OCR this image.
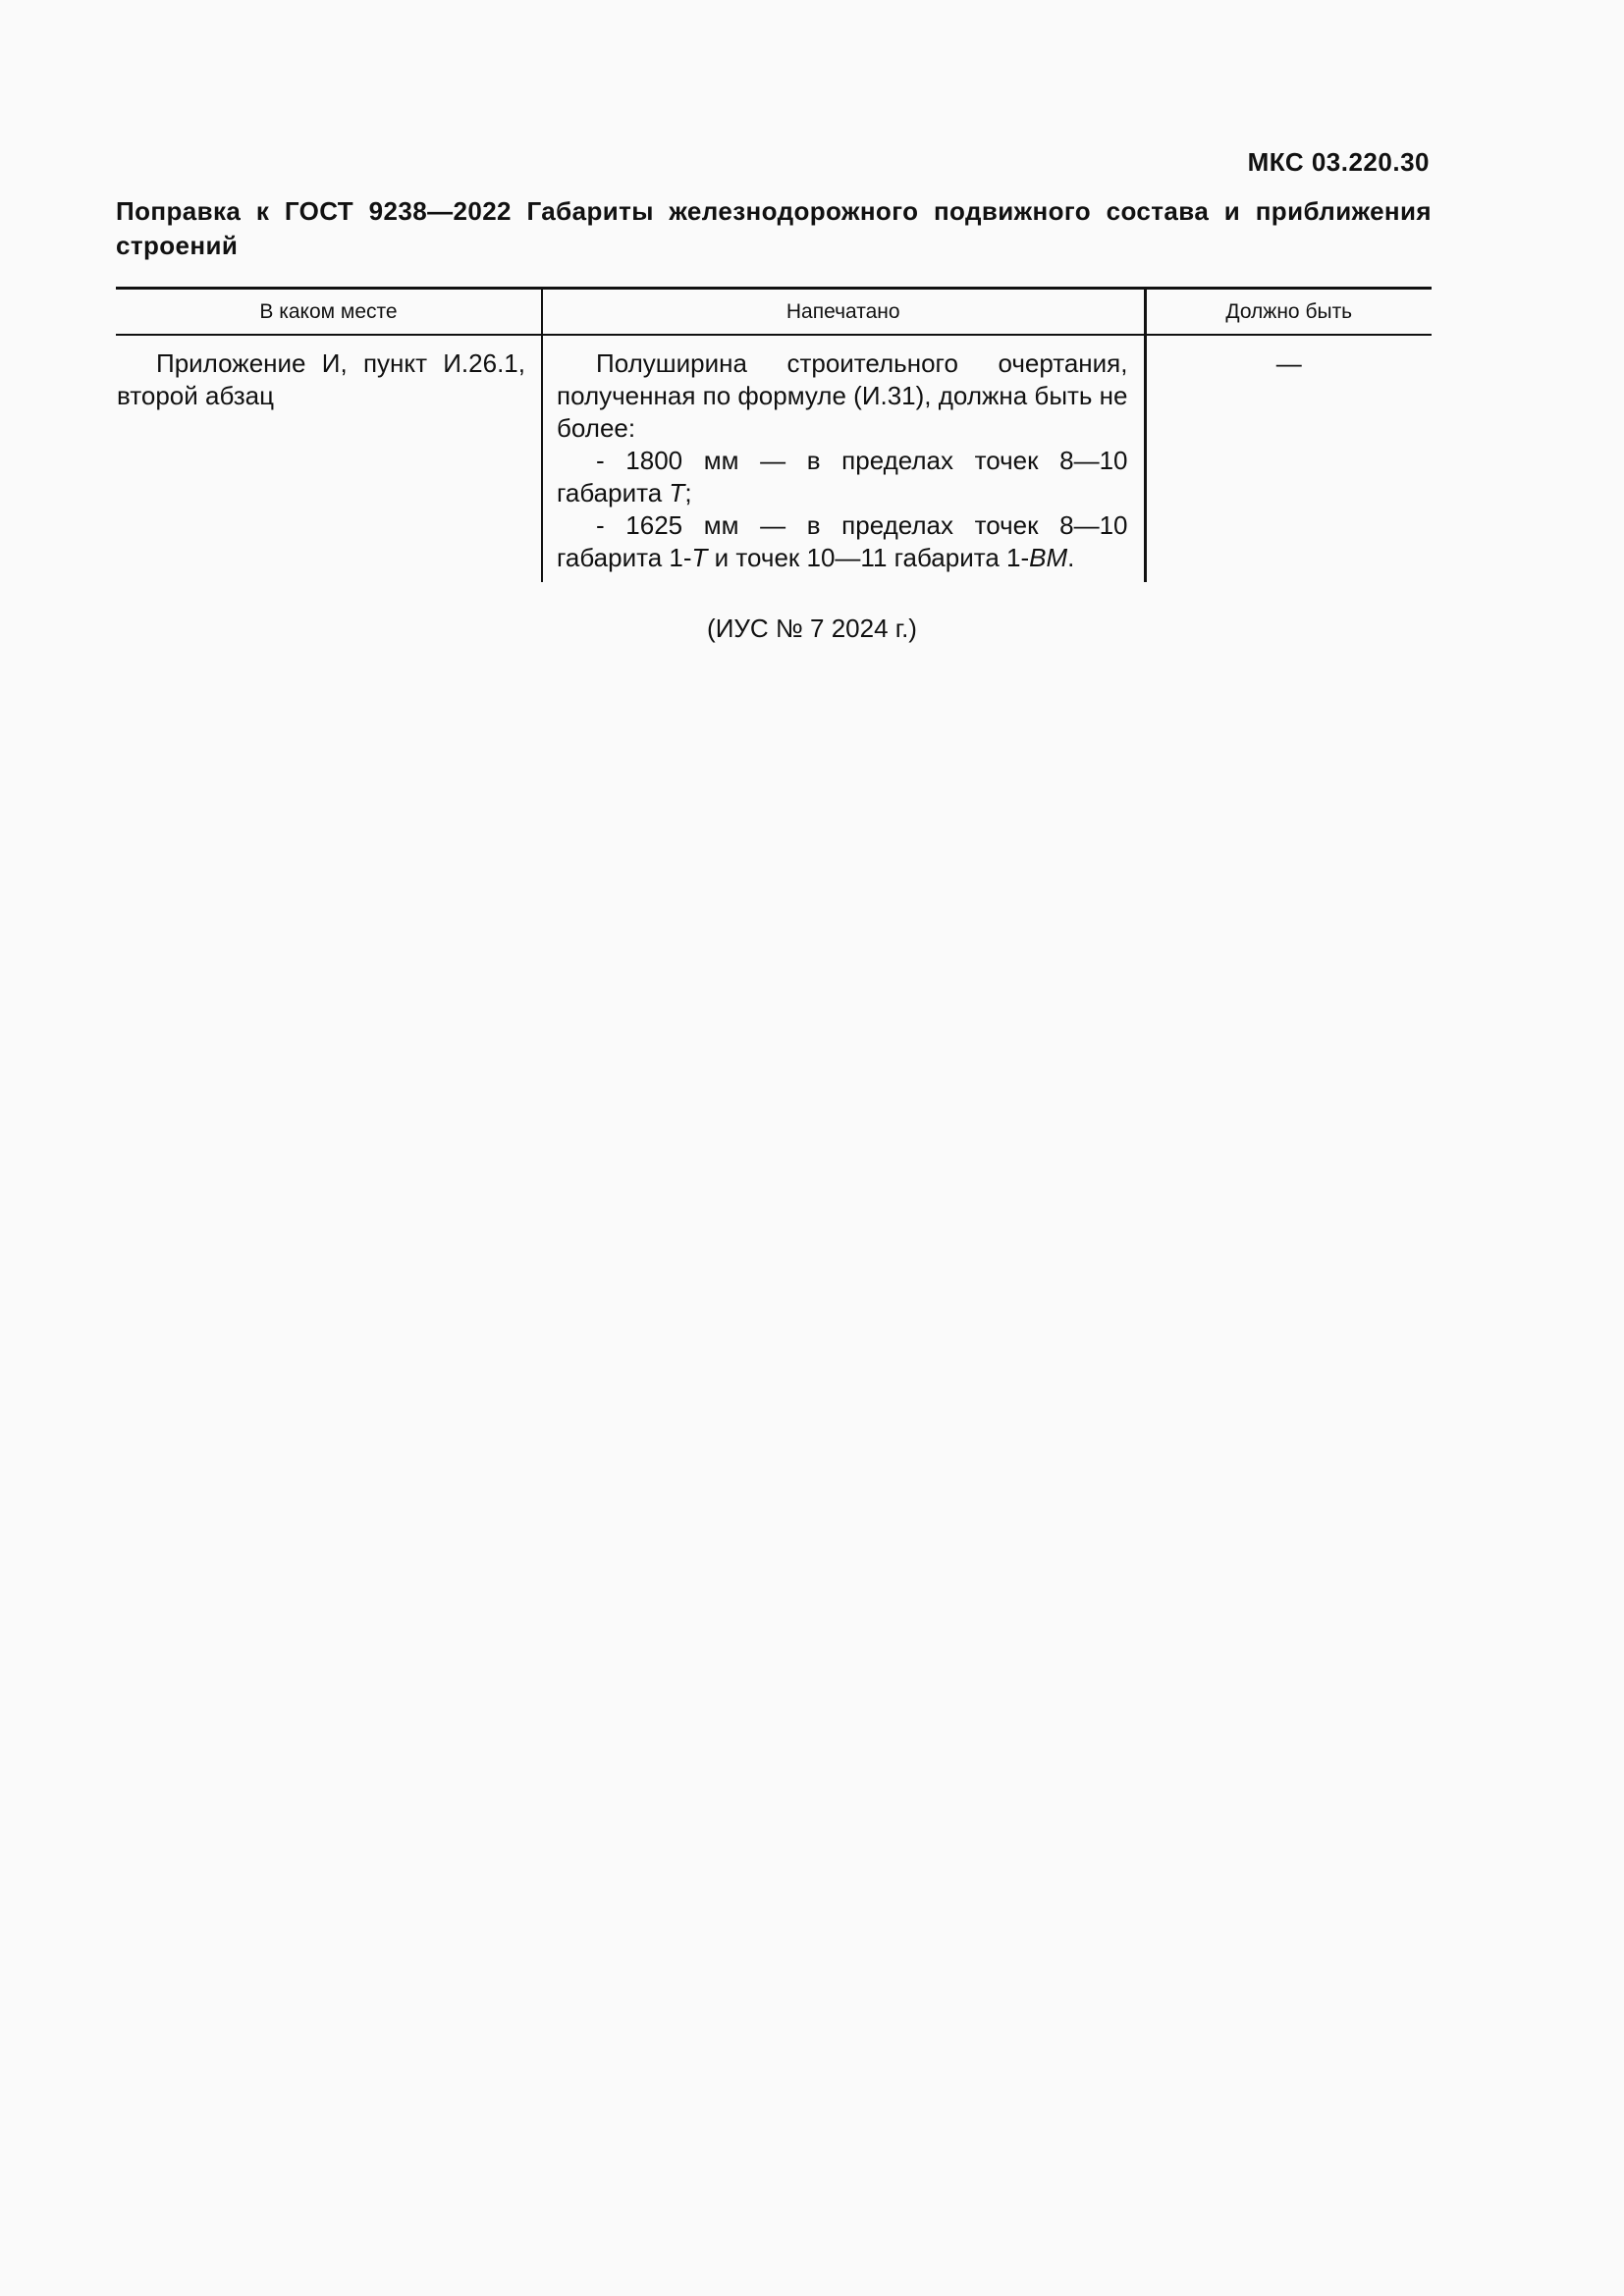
МКС 03.220.30
Поправка к ГОСТ 9238—2022 Габариты железнодорожного подвижного состава и приближения строений
В каком месте	Напечатано	Должно быть

Приложение И, пункт И.26.1, второй абзац	Полуширина строительного очертания, полученная по формуле (И.31), должна быть не более:

- 1800 мм — в пределах точек 8—10 габарита Т;

- 1625 мм — в пределах точек 8—10 габарита 1-Т и точек 10—11 габарита 1-ВМ.	—
(ИУС № 7 2024 г.)
